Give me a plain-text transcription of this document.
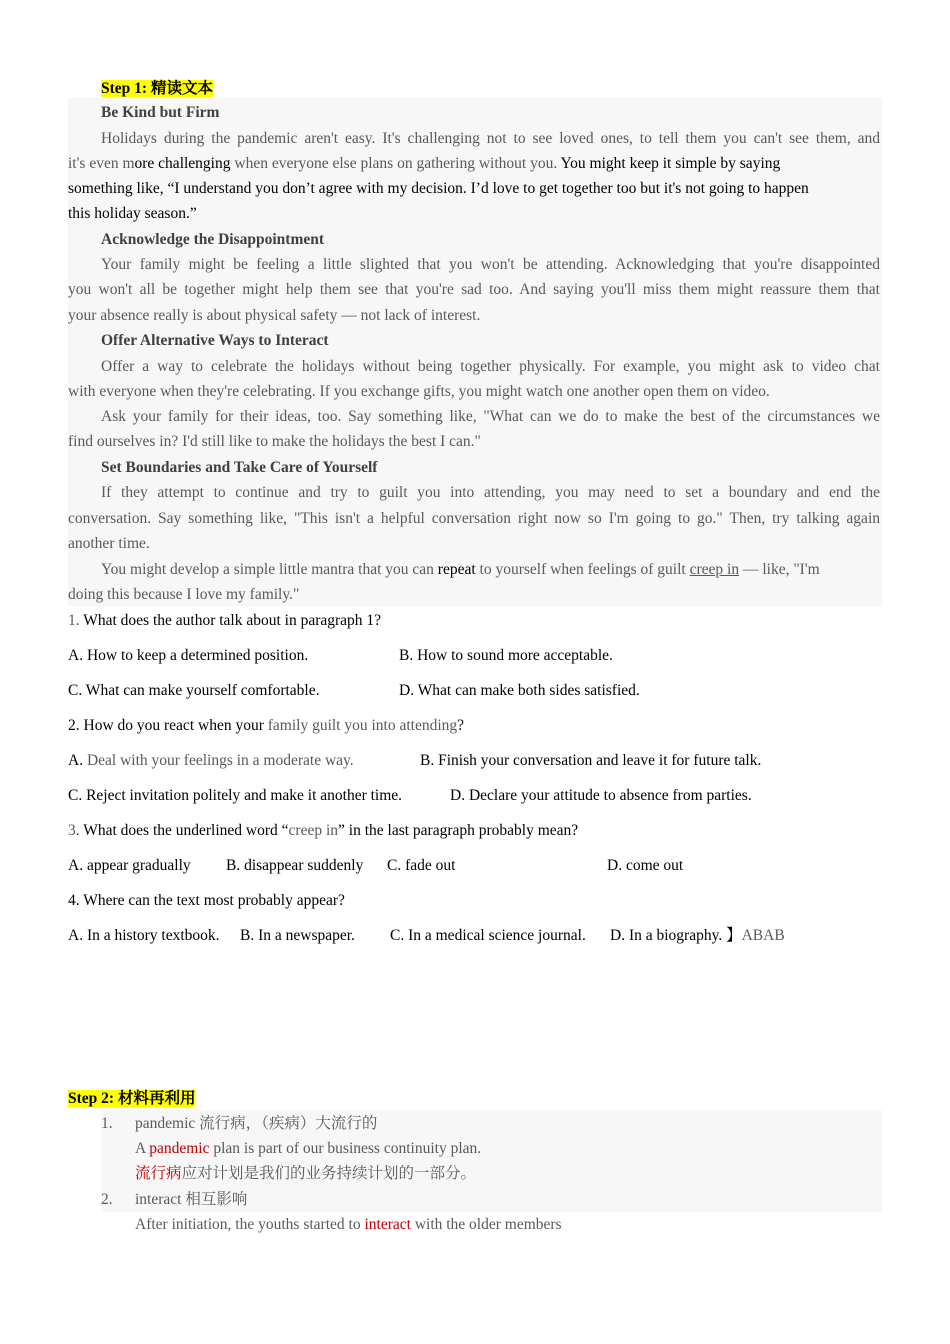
Step 1: 精读文本
Be Kind but Firm
Holidays during the pandemic aren't easy. It's challenging not to see loved ones, to tell them you can't see them, and
it's even more challenging when everyone else plans on gathering without you. You might keep it simple by saying
something like, “I understand you don’t agree with my decision. I’d love to get together too but it's not going to happen
this holiday season.”
Acknowledge the Disappointment
Your family might be feeling a little slighted that you won't be attending. Acknowledging that you're disappointed
you won't all be together might help them see that you're sad too. And saying you'll miss them might reassure them that
your absence really is about physical safety — not lack of interest.
Offer Alternative Ways to Interact
Offer a way to celebrate the holidays without being together physically. For example, you might ask to video chat
with everyone when they're celebrating. If you exchange gifts, you might watch one another open them on video.
Ask your family for their ideas, too. Say something like, "What can we do to make the best of the circumstances we
find ourselves in? I'd still like to make the holidays the best I can."
Set Boundaries and Take Care of Yourself
If they attempt to continue and try to guilt you into attending, you may need to set a boundary and end the
conversation. Say something like, "This isn't a helpful conversation right now so I'm going to go." Then, try talking again
another time.
You might develop a simple little mantra that you can repeat to yourself when feelings of guilt creep in — like, "I'm
doing this because I love my family."
1. What does the author talk about in paragraph 1?
A. How to keep a determined position.	B. How to sound more acceptable.
C. What can make yourself comfortable.	D. What can make both sides satisfied.
2. How do you react when your family guilt you into attending?
A. Deal with your feelings in a moderate way.	B. Finish your conversation and leave it for future talk.
C. Reject invitation politely and make it another time.	D. Declare your attitude to absence from parties.
3. What does the underlined word “creep in” in the last paragraph probably mean?
A. appear gradually B. disappear suddenly C. fade out	D. come out
4. Where can the text most probably appear?
A. In a history textbook. B. In a newspaper. C. In a medical science journal. D. In a biography. 】ABAB
Step 2: 材料再利用
1. pandemic 流行病，（疾病）大流行的
A pandemic plan is part of our business continuity plan.
流行病应对计划是我们的业务持续计划的一部分。
2. interact 相互影响
After initiation, the youths started to interact with the older members
